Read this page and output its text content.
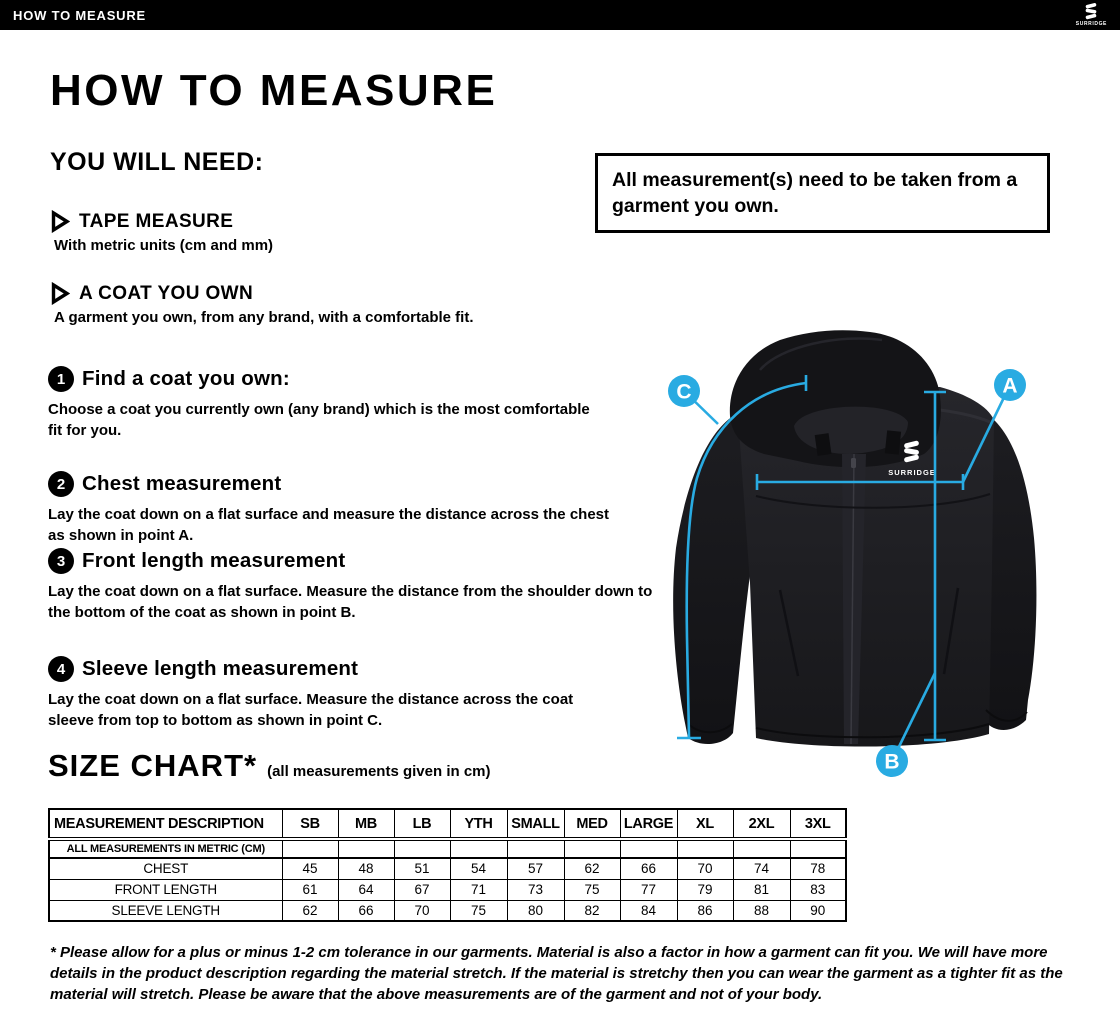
HOW TO MEASURE
SURRIDGE
HOW TO MEASURE
YOU WILL NEED:
All measurement(s) need to be taken from a garment you own.
TAPE MEASURE
With metric units (cm and mm)
A COAT YOU OWN
A garment you own, from any brand, with a comfortable fit.
1 Find a coat you own:
Choose a coat you currently own (any brand) which is the most comfortable fit for you.
2 Chest measurement
Lay the coat down on a flat surface and measure the distance across the chest as shown in point A.
3 Front length measurement
Lay the coat down on a flat surface. Measure the distance from the shoulder down to the bottom of the coat as shown in point B.
4 Sleeve length measurement
Lay the coat down on a flat surface. Measure the distance across the coat sleeve from top to bottom as shown in point C.
SURRIDGE
A
C
B
SIZE CHART* (all measurements given in cm)
MEASUREMENT DESCRIPTION	SB	MB	LB	YTH	SMALL	MED	LARGE	XL	2XL	3XL
ALL MEASUREMENTS IN METRIC (CM)										
CHEST	45	48	51	54	57	62	66	70	74	78
FRONT LENGTH	61	64	67	71	73	75	77	79	81	83
SLEEVE LENGTH	62	66	70	75	80	82	84	86	88	90

* Please allow for a plus or minus 1-2 cm tolerance in our garments. Material is also a factor in how a garment can fit you. We will have more details in the product description regarding the material stretch. If the material is stretchy then you can wear the garment as a tighter fit as the material will stretch. Please be aware that the above measurements are of the garment and not of your body.
